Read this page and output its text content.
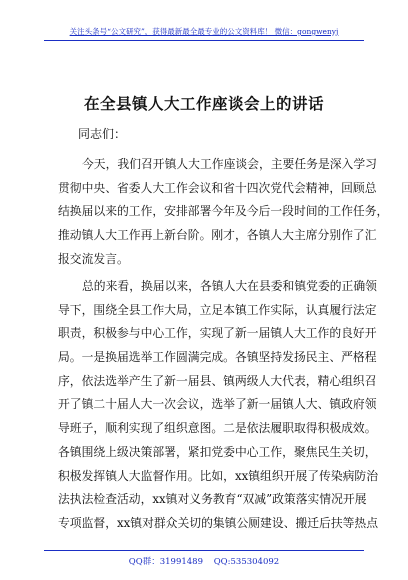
关注头条号“公文研究”，获得最新最全最专业的公文资料库！ 微信：gongwenyj
在全县镇人大工作座谈会上的讲话
同志们：
今天，我们召开镇人大工作座谈会，主要任务是深入学习
贯彻中央、省委人大工作会议和省十四次党代会精神，回顾总
结换届以来的工作，安排部署今年及今后一段时间的工作任务，
推动镇人大工作再上新台阶。刚才，各镇人大主席分别作了汇
报交流发言。
总的来看，换届以来，各镇人大在县委和镇党委的正确领
导下，围绕全县工作大局，立足本镇工作实际，认真履行法定
职责，积极参与中心工作，实现了新一届镇人大工作的良好开
局。一是换届选举工作圆满完成。各镇坚持发扬民主、严格程
序，依法选举产生了新一届县、镇两级人大代表，精心组织召
开了镇二十届人大一次会议，选举了新一届镇人大、镇政府领
导班子，顺利实现了组织意图。二是依法履职取得积极成效。
各镇围绕上级决策部署，紧扣党委中心工作，聚焦民生关切，
积极发挥镇人大监督作用。比如，xx镇组织开展了传染病防治
法执法检查活动，xx镇对义务教育“双减”政策落实情况开展
专项监督，xx镇对群众关切的集镇公厕建设、搬迁后扶等热点
QQ群：31991489 QQ:535304092
